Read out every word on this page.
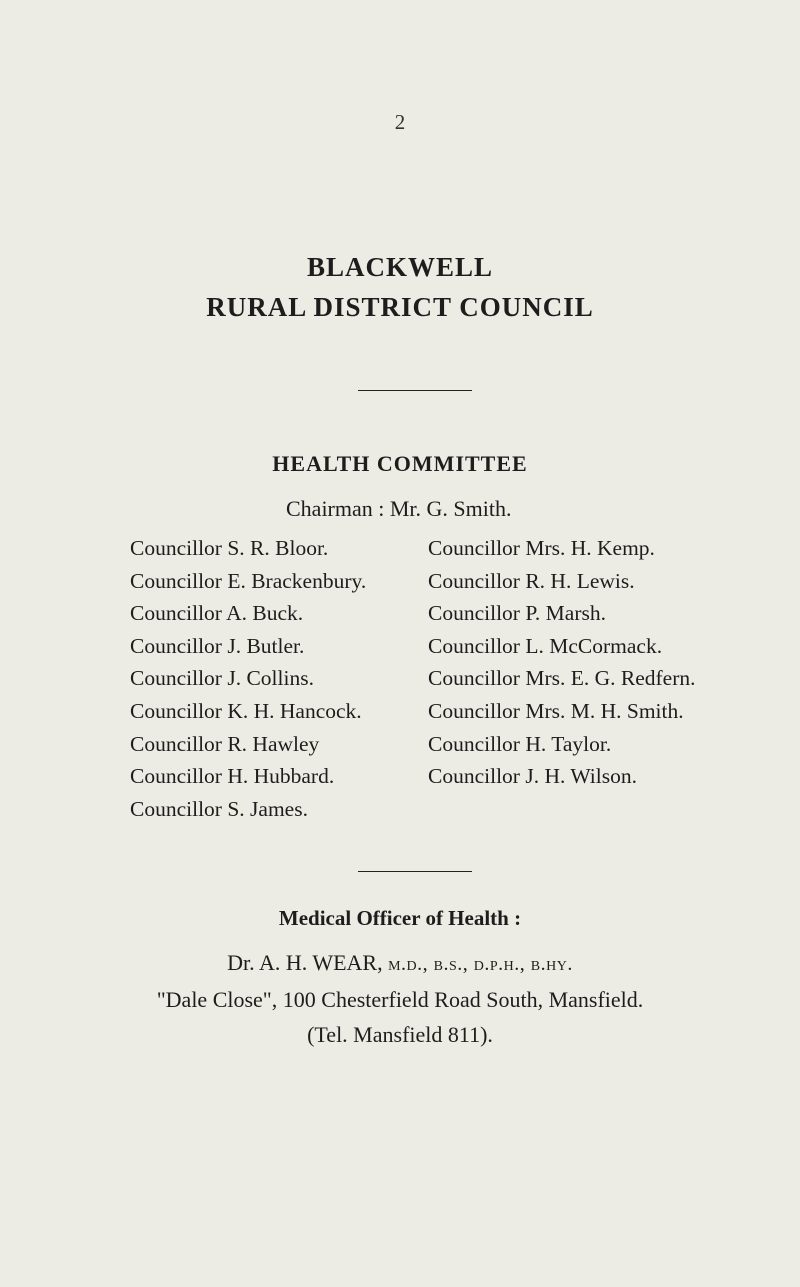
2
BLACKWELL
RURAL DISTRICT COUNCIL
HEALTH COMMITTEE
Chairman : Mr. G. Smith.
Councillor S. R. Bloor.
Councillor E. Brackenbury.
Councillor A. Buck.
Councillor J. Butler.
Councillor J. Collins.
Councillor K. H. Hancock.
Councillor R. Hawley
Councillor H. Hubbard.
Councillor S. James.
Councillor Mrs. H. Kemp.
Councillor R. H. Lewis.
Councillor P. Marsh.
Councillor L. McCormack.
Councillor Mrs. E. G. Redfern.
Councillor Mrs. M. H. Smith.
Councillor H. Taylor.
Councillor J. H. Wilson.
Medical Officer of Health :
Dr. A. H. WEAR, m.d., b.s., d.p.h., b.hy.
"Dale Close", 100 Chesterfield Road South, Mansfield.
(Tel. Mansfield 811).
